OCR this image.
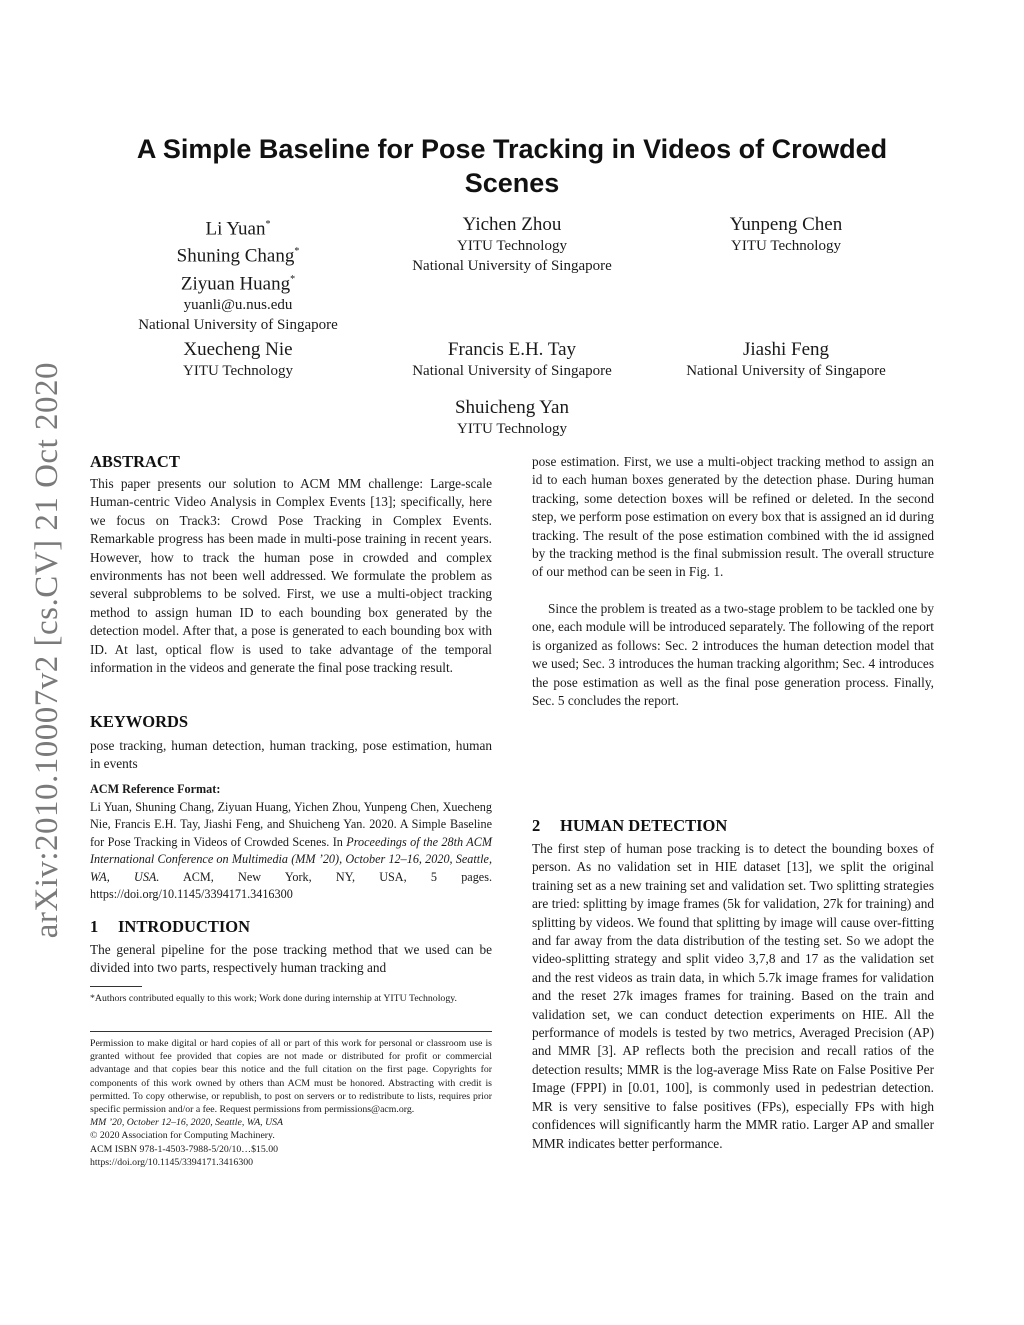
arXiv:2010.10007v2 [cs.CV] 21 Oct 2020
A Simple Baseline for Pose Tracking in Videos of Crowded Scenes
Li Yuan*
Shuning Chang*
Ziyuan Huang*
yuanli@u.nus.edu
National University of Singapore
Yichen Zhou
YITU Technology
National University of Singapore
Yunpeng Chen
YITU Technology
Xuecheng Nie
YITU Technology
Francis E.H. Tay
National University of Singapore
Jiashi Feng
National University of Singapore
Shuicheng Yan
YITU Technology
ABSTRACT

This paper presents our solution to ACM MM challenge: Large-scale Human-centric Video Analysis in Complex Events [13]; specifically, here we focus on Track3: Crowd Pose Tracking in Complex Events. Remarkable progress has been made in multi-pose training in recent years. However, how to track the human pose in crowded and complex environments has not been well addressed. We formulate the problem as several subproblems to be solved. First, we use a multi-object tracking method to assign human ID to each bounding box generated by the detection model. After that, a pose is generated to each bounding box with ID. At last, optical flow is used to take advantage of the temporal information in the videos and generate the final pose tracking result.

KEYWORDS

pose tracking, human detection, human tracking, pose estimation, human in events

ACM Reference Format:
Li Yuan, Shuning Chang, Ziyuan Huang, Yichen Zhou, Yunpeng Chen, Xuecheng Nie, Francis E.H. Tay, Jiashi Feng, and Shuicheng Yan. 2020. A Simple Baseline for Pose Tracking in Videos of Crowded Scenes. In Proceedings of the 28th ACM International Conference on Multimedia (MM ’20), October 12–16, 2020, Seattle, WA, USA. ACM, New York, NY, USA, 5 pages. https://doi.org/10.1145/3394171.3416300

1 INTRODUCTION

The general pipeline for the pose tracking method that we used can be divided into two parts, respectively human tracking and

*Authors contributed equally to this work; Work done during internship at YITU Technology.

Permission to make digital or hard copies of all or part of this work for personal or classroom use is granted without fee provided that copies are not made or distributed for profit or commercial advantage and that copies bear this notice and the full citation on the first page. Copyrights for components of this work owned by others than ACM must be honored. Abstracting with credit is permitted. To copy otherwise, or republish, to post on servers or to redistribute to lists, requires prior specific permission and/or a fee. Request permissions from permissions@acm.org.
MM ’20, October 12–16, 2020, Seattle, WA, USA
© 2020 Association for Computing Machinery.
ACM ISBN 978-1-4503-7988-5/20/10…$15.00
https://doi.org/10.1145/3394171.3416300

pose estimation. First, we use a multi-object tracking method to assign an id to each human boxes generated by the detection phase. During human tracking, some detection boxes will be refined or deleted. In the second step, we perform pose estimation on every box that is assigned an id during tracking. The result of the pose estimation combined with the id assigned by the tracking method is the final submission result. The overall structure of our method can be seen in Fig. 1.

Since the problem is treated as a two-stage problem to be tackled one by one, each module will be introduced separately. The following of the report is organized as follows: Sec. 2 introduces the human detection model that we used; Sec. 3 introduces the human tracking algorithm; Sec. 4 introduces the pose estimation as well as the final pose generation process. Finally, Sec. 5 concludes the report.

2 HUMAN DETECTION

The first step of human pose tracking is to detect the bounding boxes of person. As no validation set in HIE dataset [13], we split the original training set as a new training set and validation set. Two splitting strategies are tried: splitting by image frames (5k for validation, 27k for training) and splitting by videos. We found that splitting by image will cause over-fitting and far away from the data distribution of the testing set. So we adopt the video-splitting strategy and split video 3,7,8 and 17 as the validation set and the rest videos as train data, in which 5.7k image frames for validation and the reset 27k images frames for training. Based on the train and validation set, we can conduct detection experiments on HIE. All the performance of models is tested by two metrics, Averaged Precision (AP) and MMR [3]. AP reflects both the precision and recall ratios of the detection results; MMR is the log-average Miss Rate on False Positive Per Image (FPPI) in [0.01, 100], is commonly used in pedestrian detection. MR is very sensitive to false positives (FPs), especially FPs with high confidences will significantly harm the MMR ratio. Larger AP and smaller MMR indicates better performance.
